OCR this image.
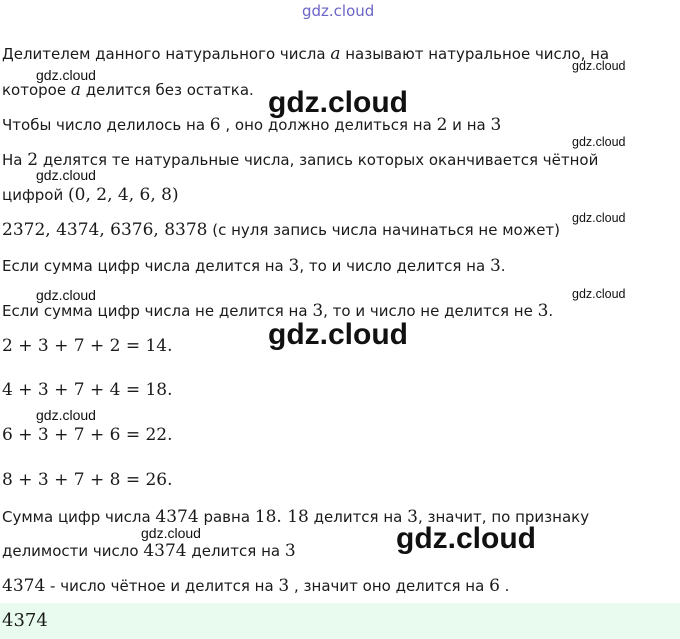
gdz.cloud
gdz.cloud
gdz.cloud
gdz.cloud
gdz.cloud
gdz.cloud
gdz.cloud
gdz.cloud	gdz.cloud
gdz.cloud
gdz.cloud
gdz.cloud	gdz.cloud
Делителем данного натурального числа a называют натуральное число, на
которое a делится без остатка.
Чтобы число делилось на 6 , оно должно делиться на 2 и на 3
На 2 делятся те натуральные числа, запись которых оканчивается чётной
цифрой (0, 2, 4, 6, 8)
2372, 4374, 6376, 8378 (с нуля запись числа начинаться не может)
Если сумма цифр числа делится на 3, то и число делится на 3.
Если сумма цифр числа не делится на 3, то и число не делится не 3.
2 + 3 + 7 + 2 = 14.
4 + 3 + 7 + 4 = 18.
6 + 3 + 7 + 6 = 22.
8 + 3 + 7 + 8 = 26.
Сумма цифр числа 4374 равна 18. 18 делится на 3, значит, по признаку
делимости число 4374 делится на 3
4374 - число чётное и делится на 3 , значит оно делится на 6 .
4374
